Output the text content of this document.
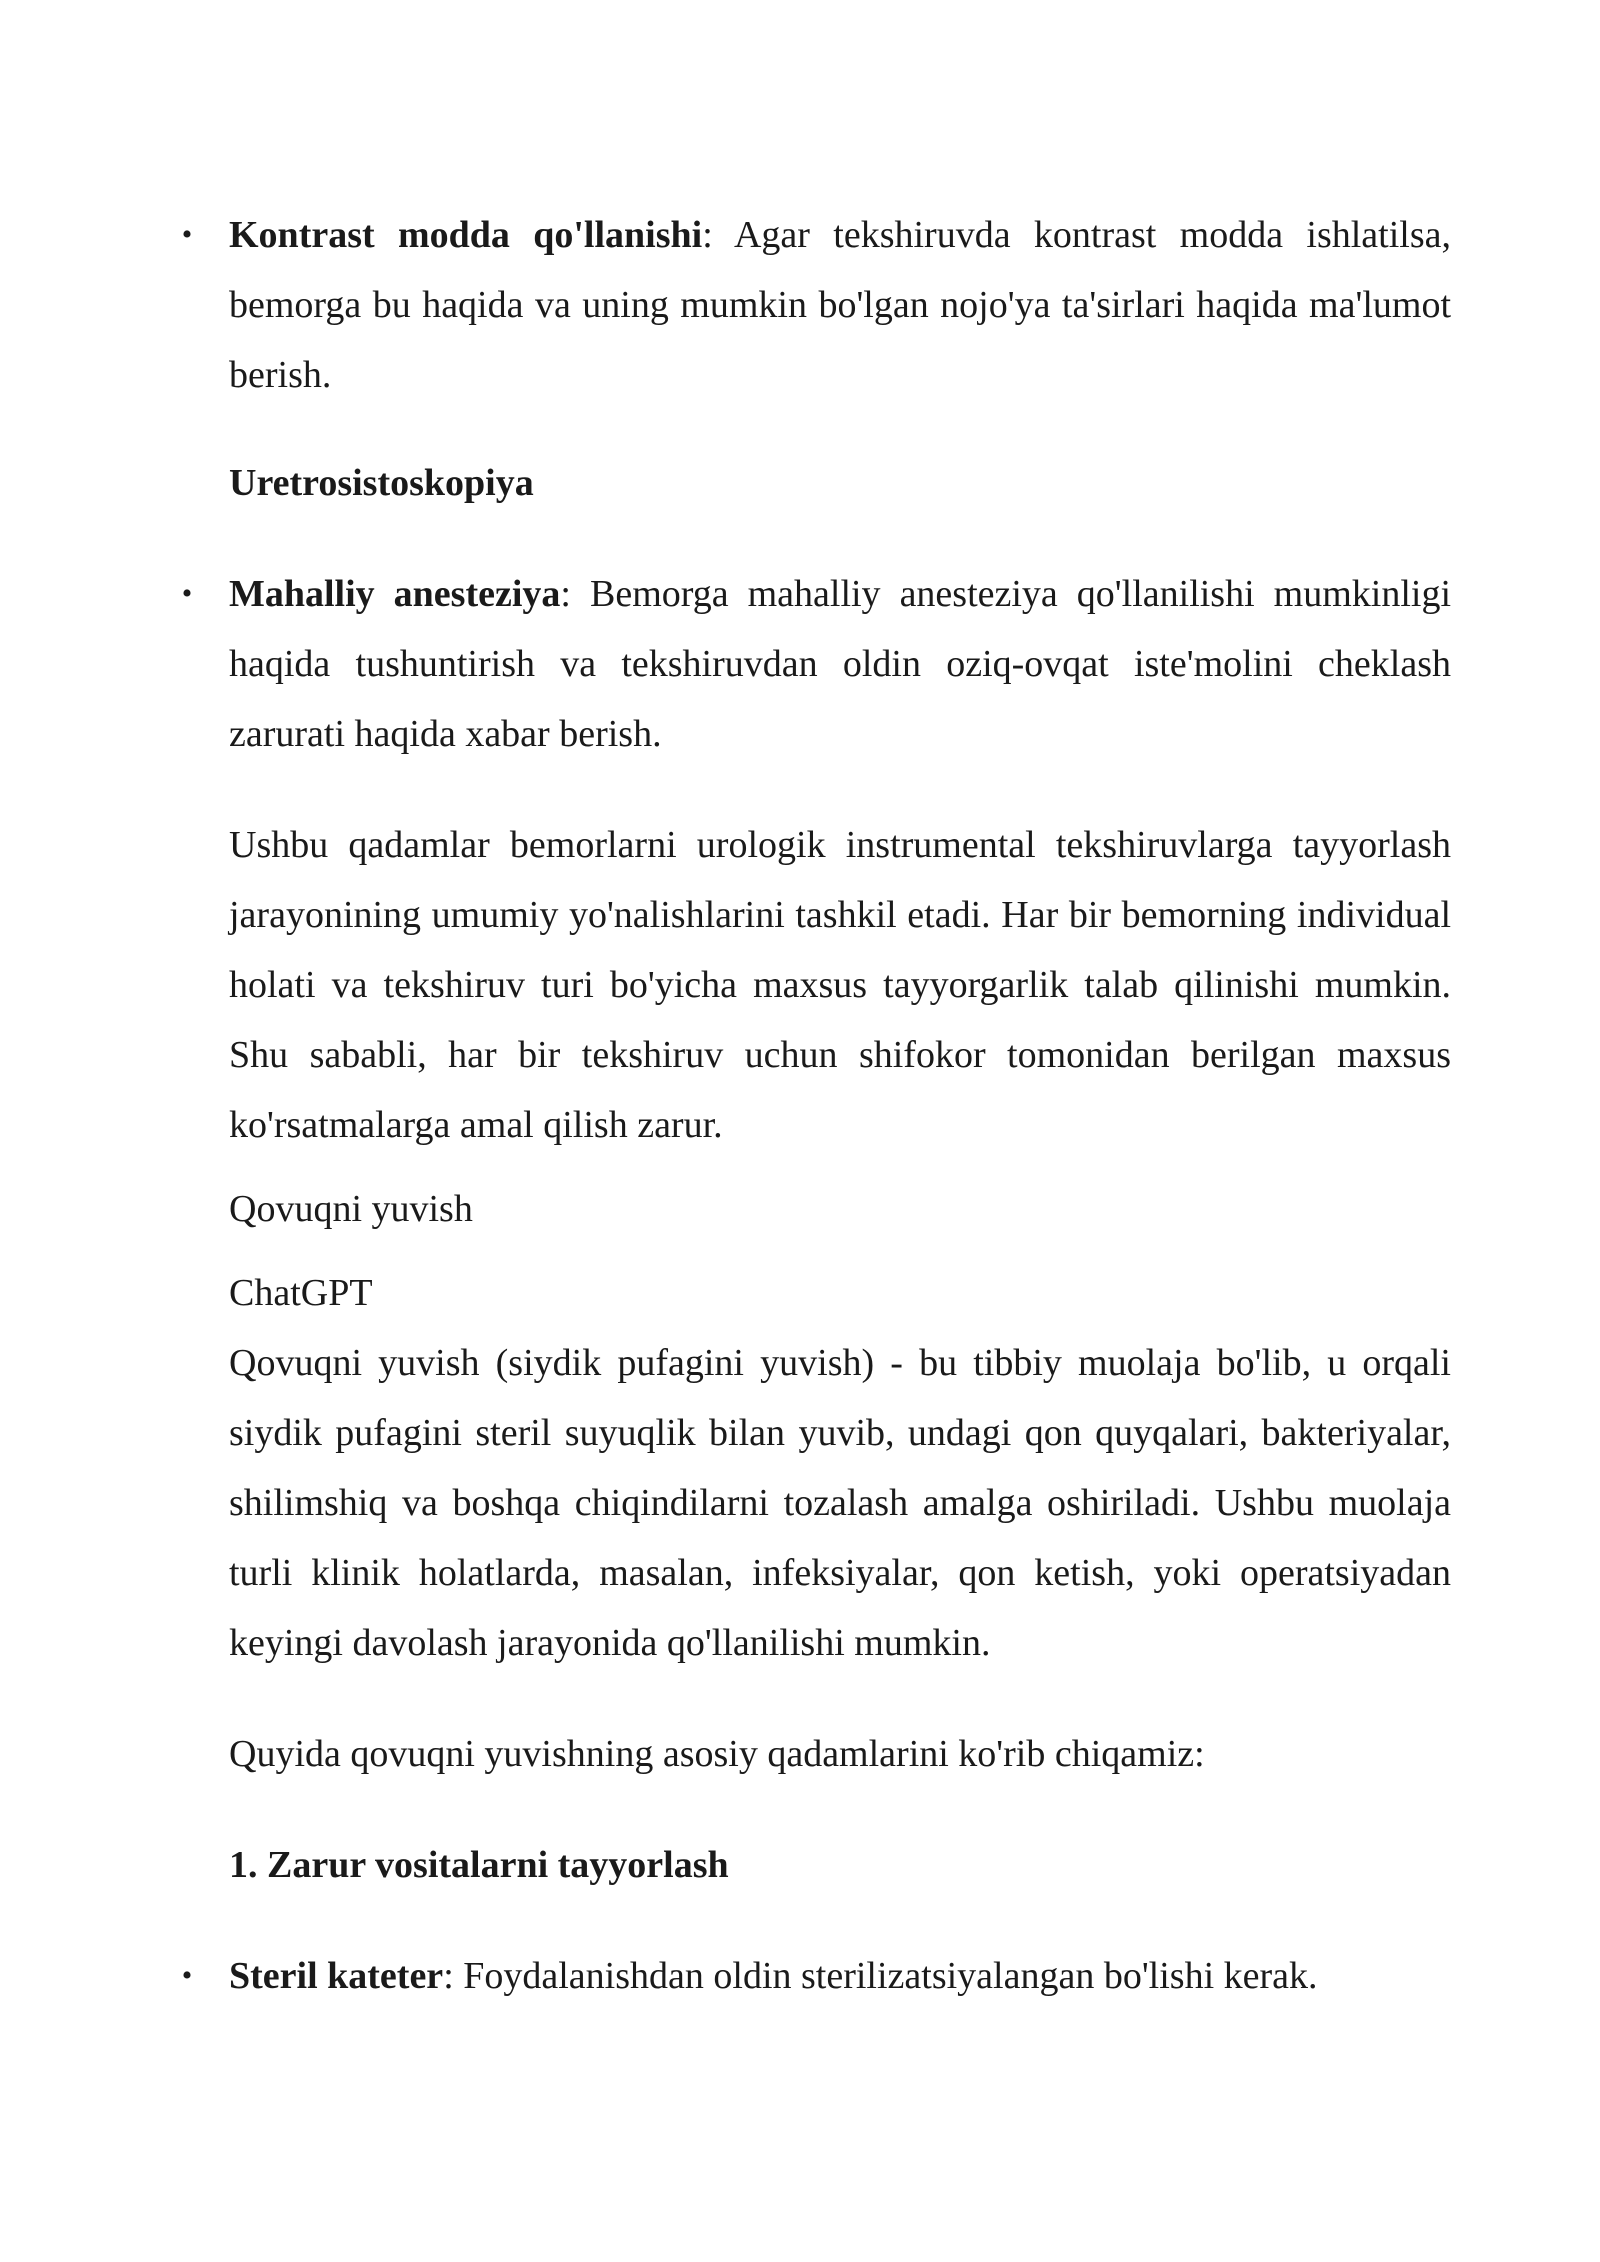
• Kontrast modda qo'llanishi: Agar tekshiruvda kontrast modda ishlatilsa, bemorga bu haqida va uning mumkin bo'lgan nojo'ya ta'sirlari haqida ma'lumot berish.

Uretrosistoskopiya

• Mahalliy anesteziya: Bemorga mahalliy anesteziya qo'llanilishi mumkinligi haqida tushuntirish va tekshiruvdan oldin oziq-ovqat iste'molini cheklash zarurati haqida xabar berish.

Ushbu qadamlar bemorlarni urologik instrumental tekshiruvlarga tayyorlash jarayonining umumiy yo'nalishlarini tashkil etadi. Har bir bemorning individual holati va tekshiruv turi bo'yicha maxsus tayyorgarlik talab qilinishi mumkin. Shu sababli, har bir tekshiruv uchun shifokor tomonidan berilgan maxsus ko'rsatmalarga amal qilish zarur.

Qovuqni yuvish

ChatGPT

Qovuqni yuvish (siydik pufagini yuvish) - bu tibbiy muolaja bo'lib, u orqali siydik pufagini steril suyuqlik bilan yuvib, undagi qon quyqalari, bakteriyalar, shilimshiq va boshqa chiqindilarni tozalash amalga oshiriladi. Ushbu muolaja turli klinik holatlarda, masalan, infeksiyalar, qon ketish, yoki operatsiyadan keyingi davolash jarayonida qo'llanilishi mumkin.

Quyida qovuqni yuvishning asosiy qadamlarini ko'rib chiqamiz:

1. Zarur vositalarni tayyorlash

• Steril kateter: Foydalanishdan oldin sterilizatsiyalangan bo'lishi kerak.
